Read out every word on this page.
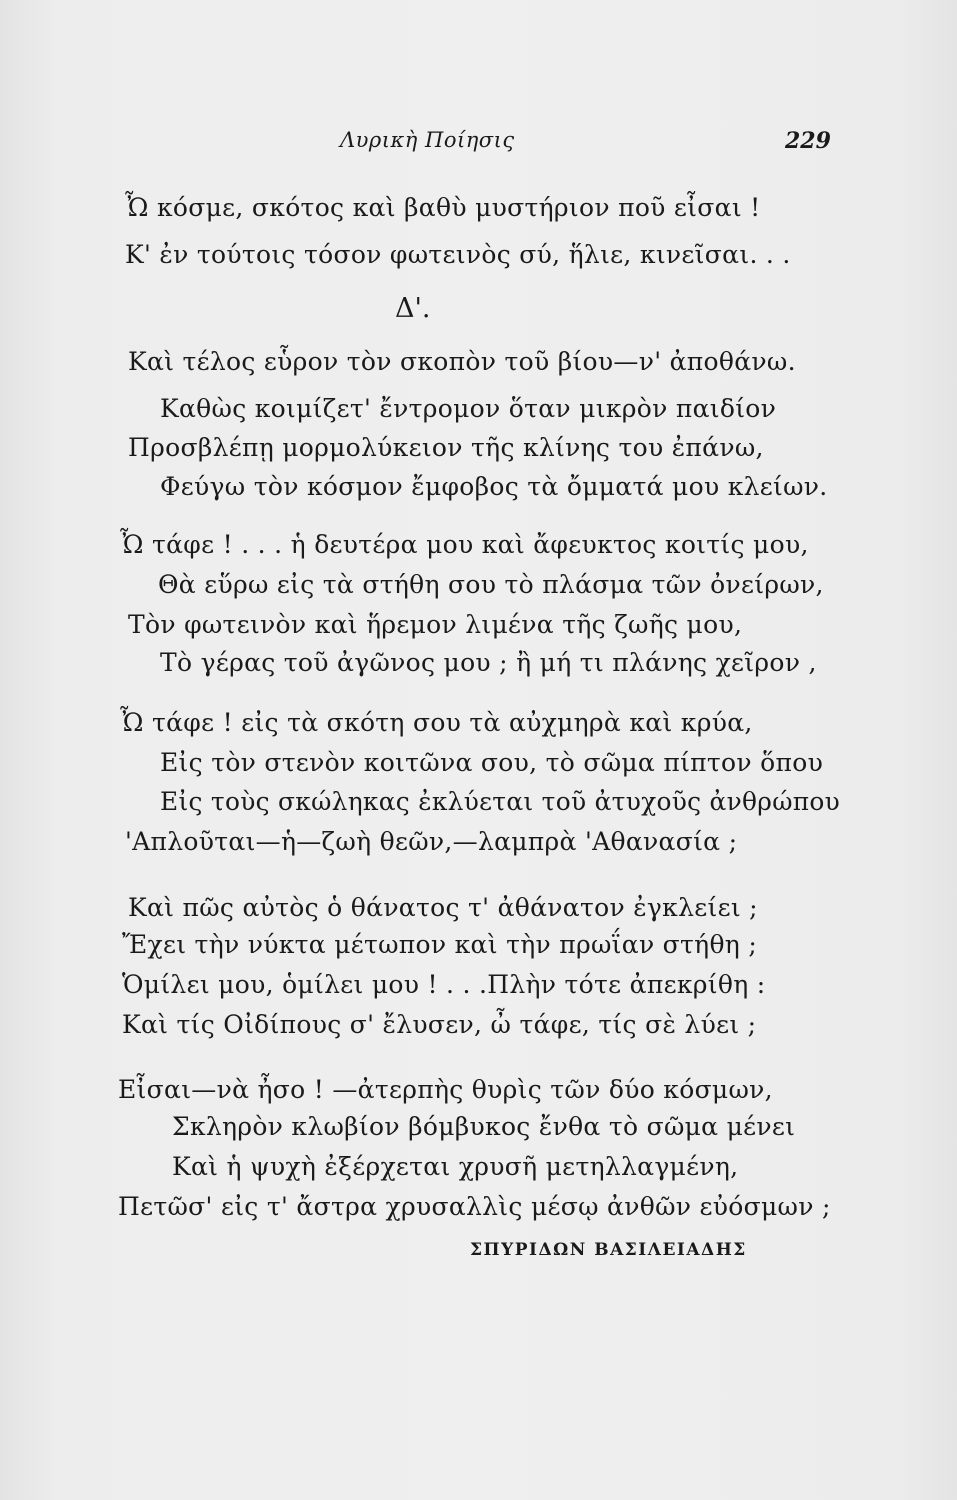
Λυρικὴ Ποίησις	229
Ὦ κόσμε, σκότος καὶ βαθὺ μυστήριον ποῦ εἶσαι !
Κ' ἐν τούτοις τόσον φωτεινὸς σύ, ἥλιε, κινεῖσαι. . .
Δ'.
Καὶ τέλος εὗρον τὸν σκοπὸν τοῦ βίου—ν' ἀποθάνω.
Καθὼς κοιμίζετ' ἔντρομον ὅταν μικρὸν παιδίον
Προσβλέπῃ μορμολύκειον τῆς κλίνης του ἐπάνω,
Φεύγω τὸν κόσμον ἔμφοβος τὰ ὄμματά μου κλείων.
Ὦ τάφε ! . . . ἡ δευτέρα μου καὶ ἄφευκτος κοιτίς μου,
Θὰ εὕρω εἰς τὰ στήθη σου τὸ πλάσμα τῶν ὀνείρων,
Τὸν φωτεινὸν καὶ ἥρεμον λιμένα τῆς ζωῆς μου,
Τὸ γέρας τοῦ ἀγῶνος μου ; ἢ μή τι πλάνης χεῖρον ,
Ὦ τάφε ! εἰς τὰ σκότη σου τὰ αὐχμηρὰ καὶ κρύα,
Εἰς τὸν στενὸν κοιτῶνα σου, τὸ σῶμα πίπτον ὅπου
Εἰς τοὺς σκώληκας ἐκλύεται τοῦ ἀτυχοῦς ἀνθρώπου
'Απλοῦται—ἡ—ζωὴ θεῶν,—λαμπρὰ 'Αθανασία ;
Καὶ πῶς αὐτὸς ὁ θάνατος τ' ἀθάνατον ἐγκλείει ;
Ἔχει τὴν νύκτα μέτωπον καὶ τὴν πρωΐαν στήθη ;
Ὁμίλει μου, ὁμίλει μου ! . . .Πλὴν τότε ἀπεκρίθη :
Καὶ τίς Οἰδίπους σ' ἔλυσεν, ὦ τάφε, τίς σὲ λύει ;
Εἶσαι—νὰ ἦσο ! —ἀτερπὴς θυρὶς τῶν δύο κόσμων,
Σκληρὸν κλωβίον βόμβυκος ἔνθα τὸ σῶμα μένει
Καὶ ἡ ψυχὴ ἐξέρχεται χρυσῆ μετηλλαγμένη,
Πετῶσ' εἰς τ' ἄστρα χρυσαλλὶς μέσῳ ἀνθῶν εὐόσμων ;
ΣΠΥΡΙΔΩΝ ΒΑΣΙΛΕΙΑΔΗΣ
